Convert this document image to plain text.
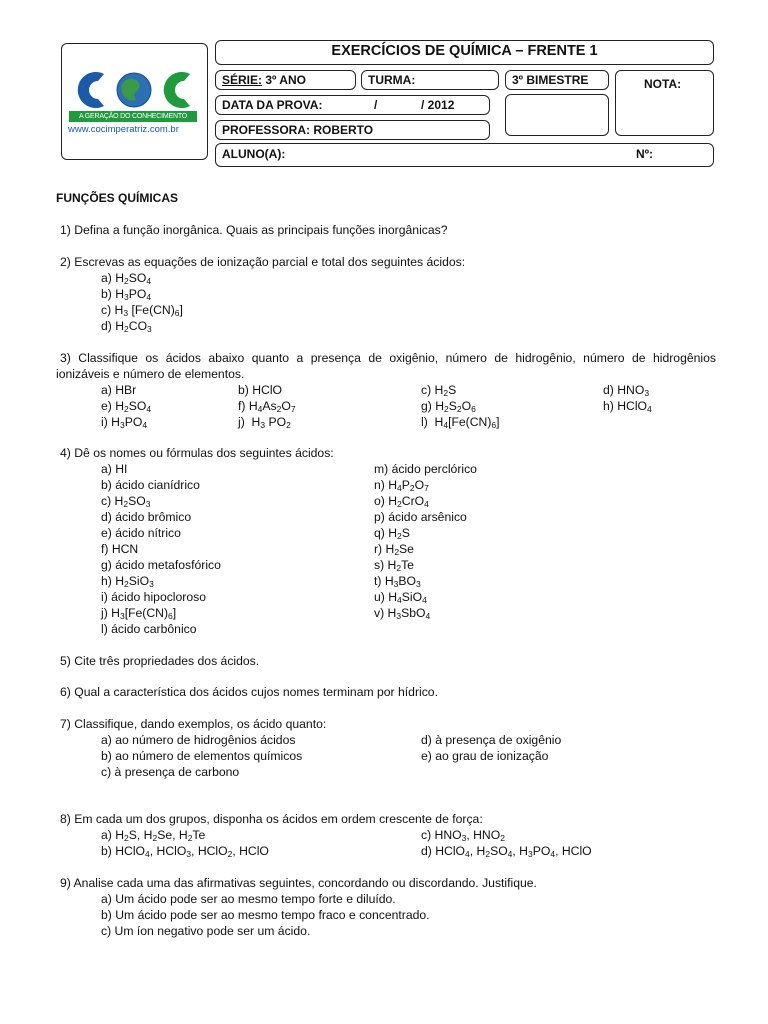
A GERAÇÃO DO CONHECIMENTO
www.cocimperatriz.com.br
EXERCÍCIOS DE QUÍMICA – FRENTE 1
SÉRIE: 3º ANO	TURMA:	3º BIMESTRE	NOTA:
DATA DA PROVA:	/	/ 2012
PROFESSORA: ROBERTO
ALUNO(A):	Nº:
FUNÇÕES QUÍMICAS
1) Defina a função inorgânica. Quais as principais funções inorgânicas?
2) Escrevas as equações de ionização parcial e total dos seguintes ácidos:
a) $H_2SO_4$
b) $H_3PO_4$
c) $H_3$ $[Fe(CN)_6]$
d) $H_2CO_3$
3) Classifique os ácidos abaixo quanto a presença de oxigênio, número de hidrogênio, número de hidrogênios
ionizáveis e número de elementos.
a) HBr	b) HClO	c) $H_2S$	d) $HNO_3$
e) $H_2SO_4$	f) $H_4As_2O_7$	g) $H_2S_2O_6$	h) HClO$_4$
i) $H_3PO_4$	j)  $H_3$ $PO_2$	l)  $H_4[Fe(CN)_6]$
4) Dê os nomes ou fórmulas dos seguintes ácidos:
a) HI
b) ácido cianídrico
c) $H_2SO_3$
d) ácido brômico
e) ácido nítrico
f) HCN
g) ácido metafosfórico
h) $H_2SiO_3$
i) ácido hipocloroso
j) $H_3[Fe(CN)_6]$
l) ácido carbônico
m) ácido perclórico
n) $H_4P_2O_7$
o) $H_2CrO_4$
p) ácido arsênico
q) $H_2S$
r) $H_2Se$
s) $H_2Te$
t) $H_3BO_3$
u) $H_4SiO_4$
v) $H_3SbO_4$
5) Cite três propriedades dos ácidos.
6) Qual a característica dos ácidos cujos nomes terminam por hídrico.
7) Classifique, dando exemplos, os ácido quanto:
a) ao número de hidrogênios ácidos
b) ao número de elementos químicos
c) à presença de carbono
d) à presença de oxigênio
e) ao grau de ionização
8) Em cada um dos grupos, disponha os ácidos em ordem crescente de força:
a) $H_2S$, $H_2Se$, $H_2Te$
b) HClO$_4$, HClO$_3$, HClO$_2$, HClO
c) $HNO_3$, $HNO_2$
d) HClO$_4$, $H_2SO_4$, $H_3PO_4$, HClO
9) Analise cada uma das afirmativas seguintes, concordando ou discordando. Justifique.
a) Um ácido pode ser ao mesmo tempo forte e diluído.
b) Um ácido pode ser ao mesmo tempo fraco e concentrado.
c) Um íon negativo pode ser um ácido.
